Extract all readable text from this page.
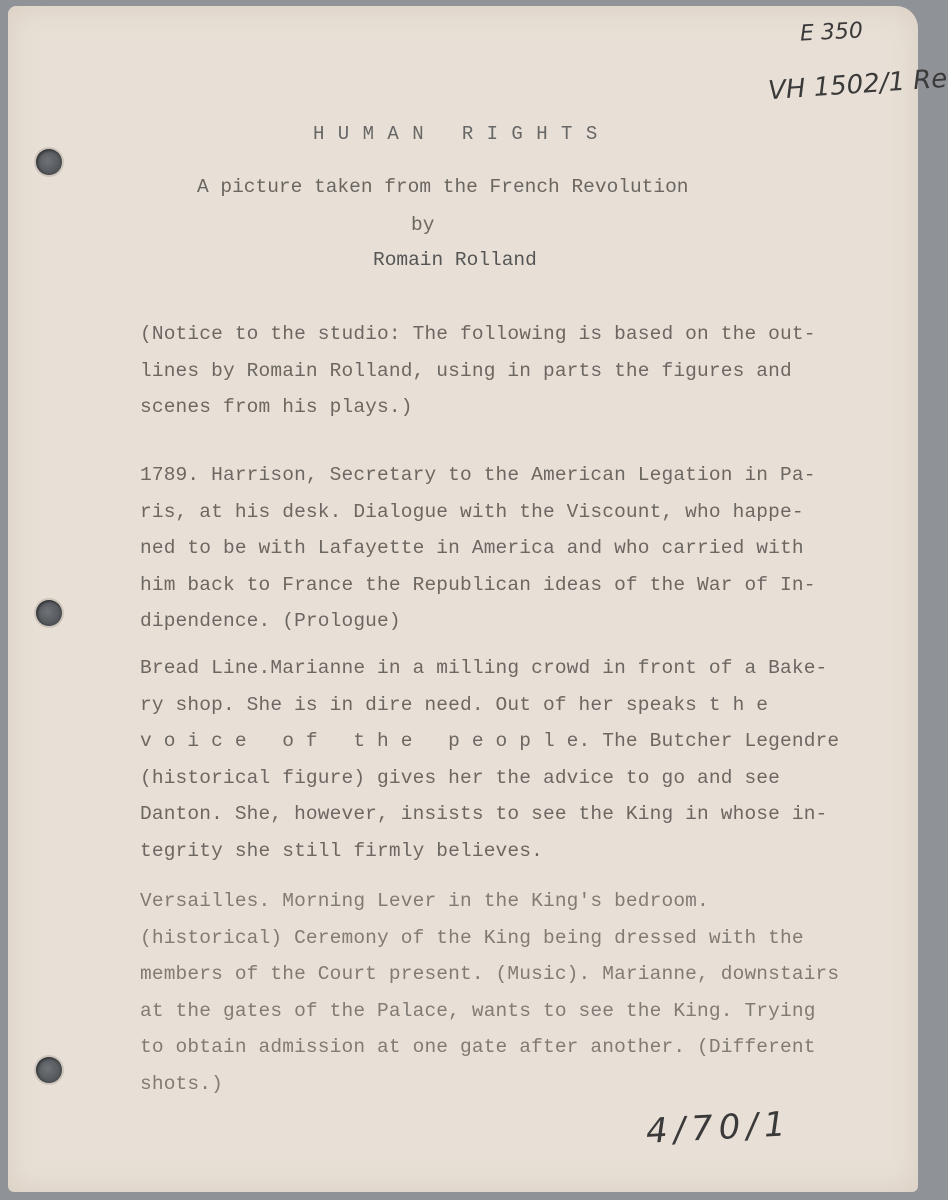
E 350
VH 1502/1 Re
H U M A N   R I G H T S
A picture taken from the French Revolution
by
Romain Rolland
(Notice to the studio: The following is based on the out-
lines by Romain Rolland, using in parts the figures and
scenes from his plays.)
1789. Harrison, Secretary to the American Legation in Pa-
ris, at his desk. Dialogue with the Viscount, who happe-
ned to be with Lafayette in America and who carried with
him back to France the Republican ideas of the War of In-
dipendence. (Prologue)
Bread Line.Marianne in a milling crowd in front of a Bake-
ry shop. She is in dire need. Out of her speaks t h e
v o i c e   o f   t h e   p e o p l e. The Butcher Legendre
(historical figure) gives her the advice to go and see
Danton. She, however, insists to see the King in whose in-
tegrity she still firmly believes.
Versailles. Morning Lever in the King's bedroom.
(historical) Ceremony of the King being dressed with the
members of the Court present. (Music). Marianne, downstairs
at the gates of the Palace, wants to see the King. Trying
to obtain admission at one gate after another. (Different
shots.)
4/70/1
